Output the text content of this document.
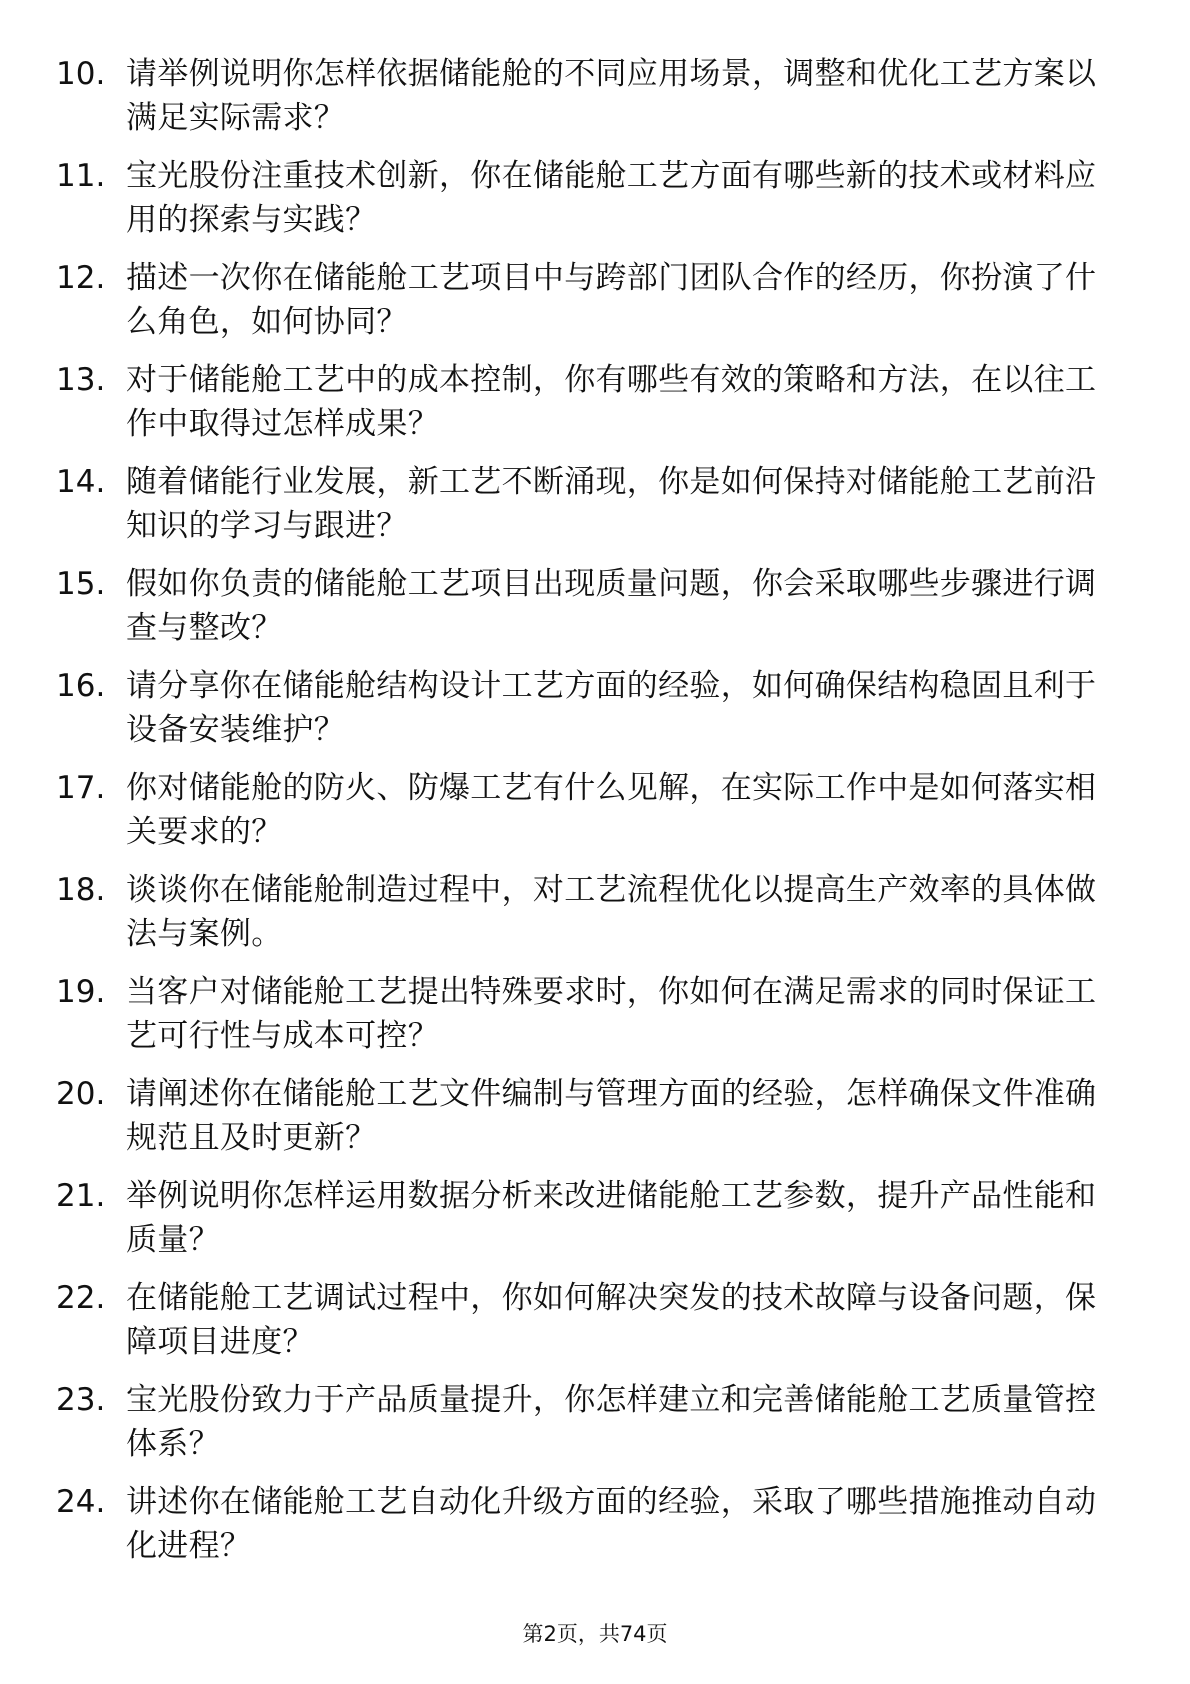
10. 请举例说明你怎样依据储能舱的不同应用场景，调整和优化工艺方案以满足实际需求？
11. 宝光股份注重技术创新，你在储能舱工艺方面有哪些新的技术或材料应用的探索与实践？
12. 描述一次你在储能舱工艺项目中与跨部门团队合作的经历，你扮演了什么角色，如何协同？
13. 对于储能舱工艺中的成本控制，你有哪些有效的策略和方法，在以往工作中取得过怎样成果？
14. 随着储能行业发展，新工艺不断涌现，你是如何保持对储能舱工艺前沿知识的学习与跟进？
15. 假如你负责的储能舱工艺项目出现质量问题，你会采取哪些步骤进行调查与整改？
16. 请分享你在储能舱结构设计工艺方面的经验，如何确保结构稳固且利于设备安装维护？
17. 你对储能舱的防火、防爆工艺有什么见解，在实际工作中是如何落实相关要求的？
18. 谈谈你在储能舱制造过程中，对工艺流程优化以提高生产效率的具体做法与案例。
19. 当客户对储能舱工艺提出特殊要求时，你如何在满足需求的同时保证工艺可行性与成本可控？
20. 请阐述你在储能舱工艺文件编制与管理方面的经验，怎样确保文件准确规范且及时更新？
21. 举例说明你怎样运用数据分析来改进储能舱工艺参数，提升产品性能和质量？
22. 在储能舱工艺调试过程中，你如何解决突发的技术故障与设备问题，保障项目进度？
23. 宝光股份致力于产品质量提升，你怎样建立和完善储能舱工艺质量管控体系？
24. 讲述你在储能舱工艺自动化升级方面的经验，采取了哪些措施推动自动化进程？
第2页，共74页
